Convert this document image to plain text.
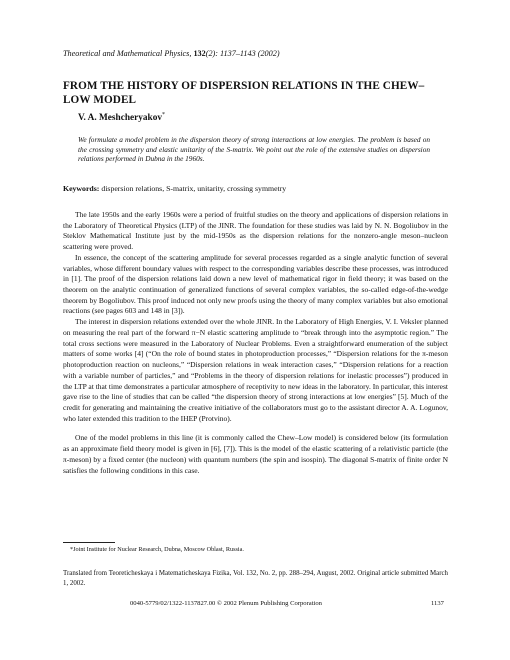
Theoretical and Mathematical Physics, 132(2): 1137–1143 (2002)
FROM THE HISTORY OF DISPERSION RELATIONS IN THE CHEW–LOW MODEL
V. A. Meshcheryakov*
We formulate a model problem in the dispersion theory of strong interactions at low energies. The problem is based on the crossing symmetry and elastic unitarity of the S-matrix. We point out the role of the extensive studies on dispersion relations performed in Dubna in the 1960s.
Keywords: dispersion relations, S-matrix, unitarity, crossing symmetry

The late 1950s and the early 1960s were a period of fruitful studies on the theory and applications of dispersion relations in the Laboratory of Theoretical Physics (LTP) of the JINR. The foundation for these studies was laid by N. N. Bogoliubov in the Steklov Mathematical Institute just by the mid-1950s as the dispersion relations for the nonzero-angle meson–nucleon scattering were proved.

In essence, the concept of the scattering amplitude for several processes regarded as a single analytic function of several variables, whose different boundary values with respect to the corresponding variables describe these processes, was introduced in [1]. The proof of the dispersion relations laid down a new level of mathematical rigor in field theory; it was based on the theorem on the analytic continuation of generalized functions of several complex variables, the so-called edge-of-the-wedge theorem by Bogoliubov. This proof induced not only new proofs using the theory of many complex variables but also emotional reactions (see pages 603 and 148 in [3]).

The interest in dispersion relations extended over the whole JINR. In the Laboratory of High Energies, V. I. Veksler planned on measuring the real part of the forward π−N elastic scattering amplitude to “break through into the asymptotic region.” The total cross sections were measured in the Laboratory of Nuclear Problems. Even a straightforward enumeration of the subject matters of some works [4] (“On the role of bound states in photoproduction processes,” “Dispersion relations for the π-meson photoproduction reaction on nucleons,” “Dispersion relations in weak interaction cases,” “Dispersion relations for a reaction with a variable number of particles,” and “Problems in the theory of dispersion relations for inelastic processes”) produced in the LTP at that time demonstrates a particular atmosphere of receptivity to new ideas in the laboratory. In particular, this interest gave rise to the line of studies that can be called “the dispersion theory of strong interactions at low energies” [5]. Much of the credit for generating and maintaining the creative initiative of the collaborators must go to the assistant director A. A. Logunov, who later extended this tradition to the IHEP (Protvino).

One of the model problems in this line (it is commonly called the Chew–Low model) is considered below (its formulation as an approximate field theory model is given in [6], [7]). This is the model of the elastic scattering of a relativistic particle (the π-meson) by a fixed center (the nucleon) with quantum numbers (the spin and isospin). The diagonal S-matrix of finite order N satisfies the following conditions in this case.

*Joint Institute for Nuclear Research, Dubna, Moscow Oblast, Russia.
Translated from Teoreticheskaya i Matematicheskaya Fizika, Vol. 132, No. 2, pp. 288–294, August, 2002. Original article submitted March 1, 2002.
0040-5779/02/1322-1137827.00 © 2002 Plenum Publishing Corporation	1137
